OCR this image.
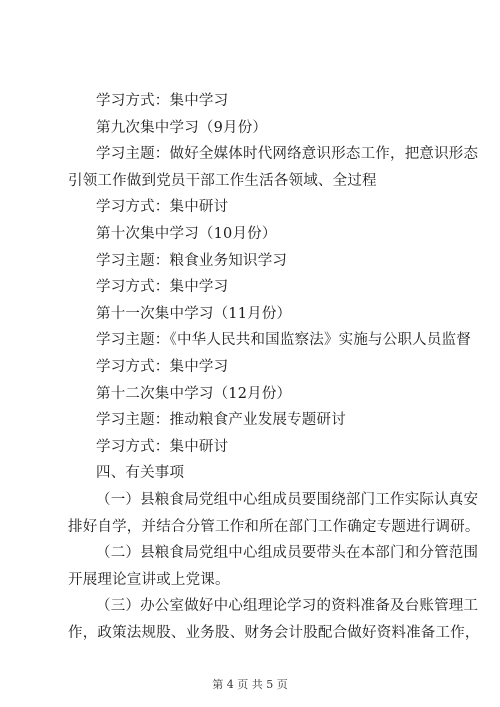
学习方式：集中学习
第九次集中学习（9月份）
学习主题：做好全媒体时代网络意识形态工作，把意识形态
引领工作做到党员干部工作生活各领域、全过程
学习方式：集中研讨
第十次集中学习（10月份）
学习主题：粮食业务知识学习
学习方式：集中学习
第十一次集中学习（11月份）
学习主题：《中华人民共和国监察法》实施与公职人员监督
学习方式：集中学习
第十二次集中学习（12月份）
学习主题：推动粮食产业发展专题研讨
学习方式：集中研讨
四、有关事项
（一）县粮食局党组中心组成员要围绕部门工作实际认真安
排好自学，并结合分管工作和所在部门工作确定专题进行调研。
（二）县粮食局党组中心组成员要带头在本部门和分管范围
开展理论宣讲或上党课。
（三）办公室做好中心组理论学习的资料准备及台账管理工
作，政策法规股、业务股、财务会计股配合做好资料准备工作，
第 4 页 共 5 页
